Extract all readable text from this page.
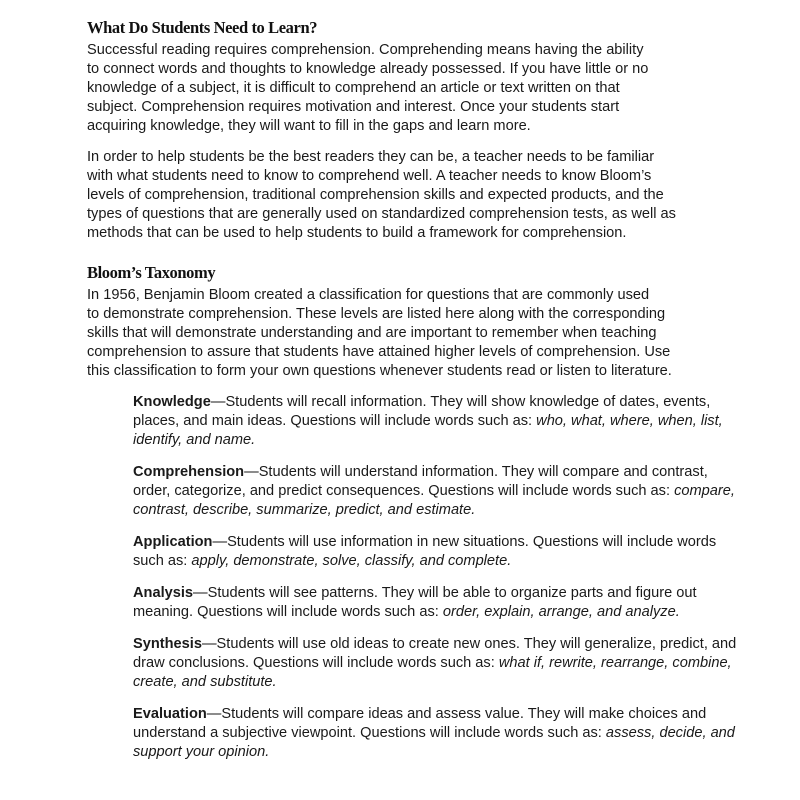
What Do Students Need to Learn?

Successful reading requires comprehension. Comprehending means having the ability
to connect words and thoughts to knowledge already possessed. If you have little or no
knowledge of a subject, it is difficult to comprehend an article or text written on that
subject. Comprehension requires motivation and interest. Once your students start
acquiring knowledge, they will want to fill in the gaps and learn more.

In order to help students be the best readers they can be, a teacher needs to be familiar
with what students need to know to comprehend well. A teacher needs to know Bloom’s
levels of comprehension, traditional comprehension skills and expected products, and the
types of questions that are generally used on standardized comprehension tests, as well as
methods that can be used to help students to build a framework for comprehension.

Bloom’s Taxonomy

In 1956, Benjamin Bloom created a classification for questions that are commonly used
to demonstrate comprehension. These levels are listed here along with the corresponding
skills that will demonstrate understanding and are important to remember when teaching
comprehension to assure that students have attained higher levels of comprehension. Use
this classification to form your own questions whenever students read or listen to literature.

Knowledge—Students will recall information. They will show knowledge of dates, events, places, and main ideas. Questions will include words such as: who, what, where, when, list, identify, and name.
Comprehension—Students will understand information. They will compare and contrast, order, categorize, and predict consequences. Questions will include words such as: compare, contrast, describe, summarize, predict, and estimate.
Application—Students will use information in new situations. Questions will include words such as: apply, demonstrate, solve, classify, and complete.
Analysis—Students will see patterns. They will be able to organize parts and figure out meaning. Questions will include words such as: order, explain, arrange, and analyze.
Synthesis—Students will use old ideas to create new ones. They will generalize, predict, and draw conclusions. Questions will include words such as: what if, rewrite, rearrange, combine, create, and substitute.
Evaluation—Students will compare ideas and assess value. They will make choices and understand a subjective viewpoint. Questions will include words such as: assess, decide, and support your opinion.
